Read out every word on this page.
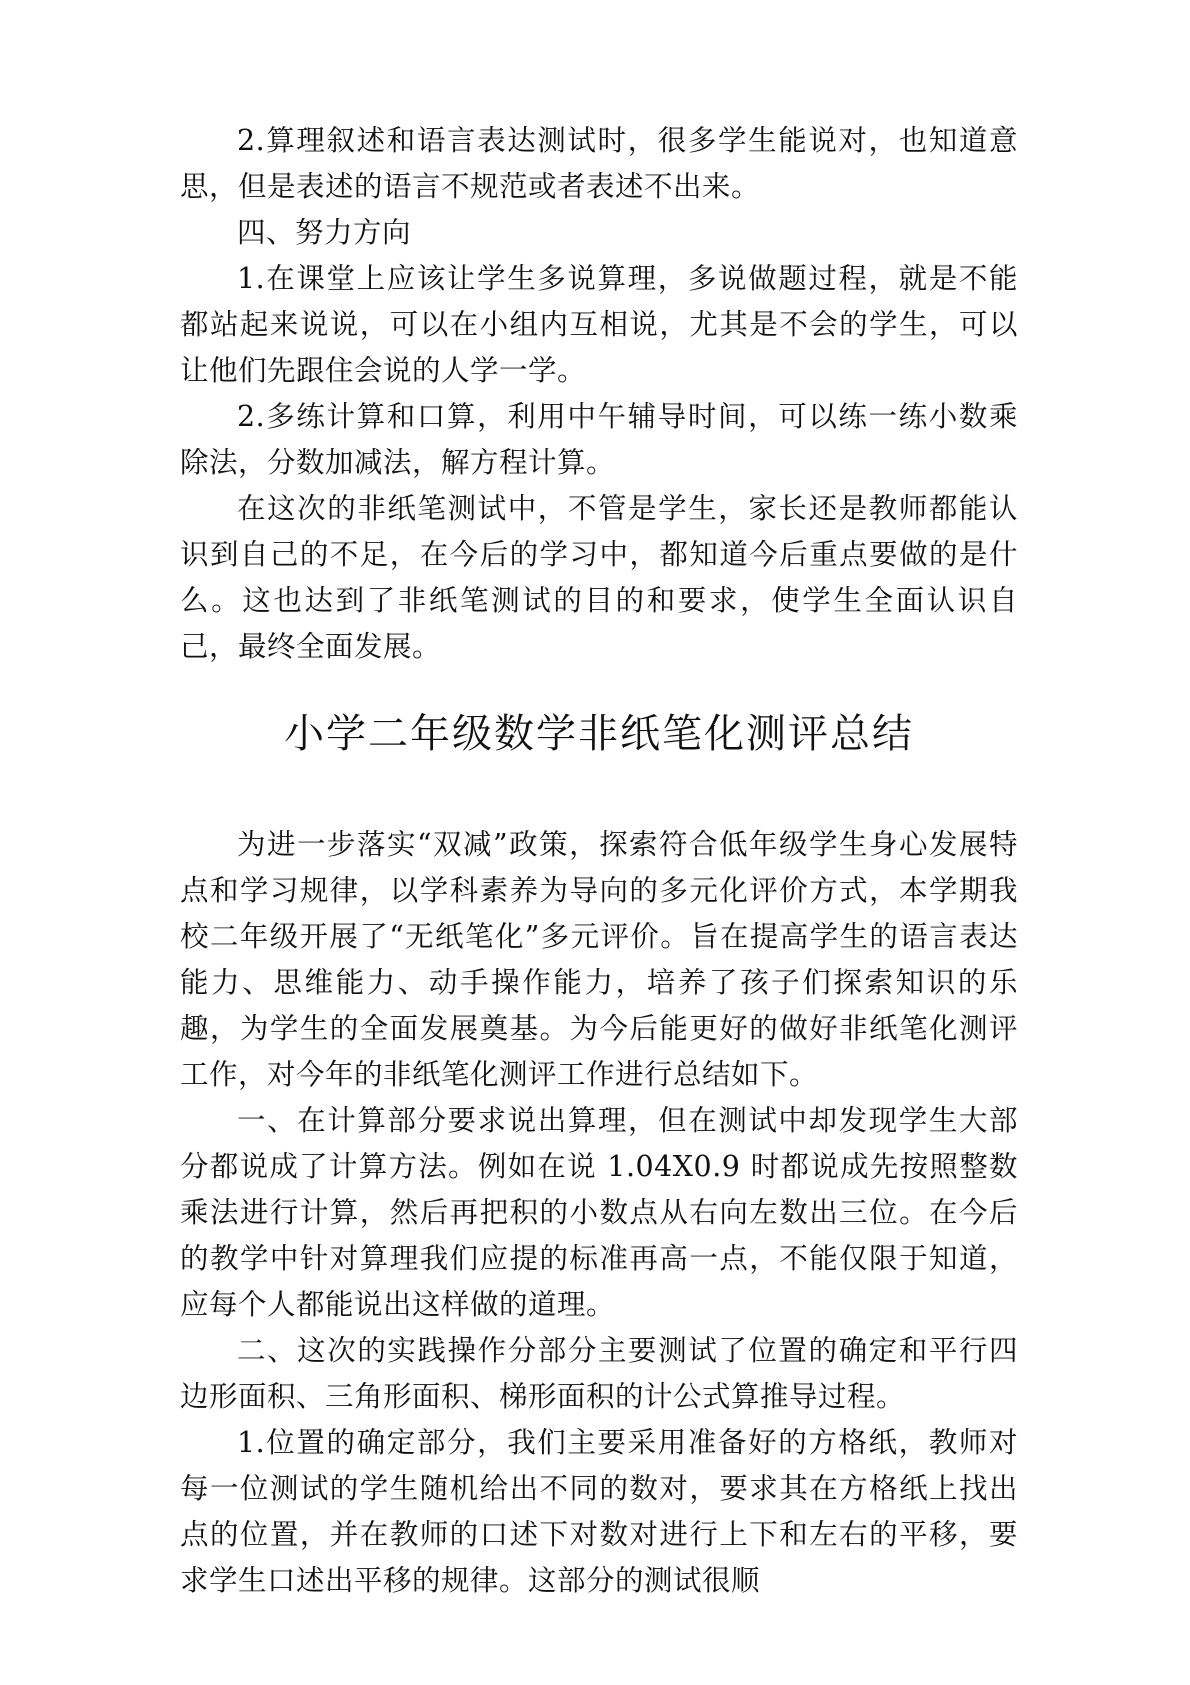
2.算理叙述和语言表达测试时，很多学生能说对，也知道意思，但是表述的语言不规范或者表述不出来。

四、努力方向

1.在课堂上应该让学生多说算理，多说做题过程，就是不能都站起来说说，可以在小组内互相说，尤其是不会的学生，可以让他们先跟住会说的人学一学。

2.多练计算和口算，利用中午辅导时间，可以练一练小数乘除法，分数加减法，解方程计算。

在这次的非纸笔测试中，不管是学生，家长还是教师都能认识到自己的不足，在今后的学习中，都知道今后重点要做的是什么。这也达到了非纸笔测试的目的和要求，使学生全面认识自己，最终全面发展。

小学二年级数学非纸笔化测评总结

为进一步落实“双减”政策，探索符合低年级学生身心发展特点和学习规律，以学科素养为导向的多元化评价方式，本学期我校二年级开展了“无纸笔化”多元评价。旨在提高学生的语言表达能力、思维能力、动手操作能力，培养了孩子们探索知识的乐趣，为学生的全面发展奠基。为今后能更好的做好非纸笔化测评工作，对今年的非纸笔化测评工作进行总结如下。

一、在计算部分要求说出算理，但在测试中却发现学生大部分都说成了计算方法。例如在说 1.04X0.9 时都说成先按照整数乘法进行计算，然后再把积的小数点从右向左数出三位。在今后的教学中针对算理我们应提的标准再高一点，不能仅限于知道，应每个人都能说出这样做的道理。

二、这次的实践操作分部分主要测试了位置的确定和平行四边形面积、三角形面积、梯形面积的计公式算推导过程。

1.位置的确定部分，我们主要采用准备好的方格纸，教师对每一位测试的学生随机给出不同的数对，要求其在方格纸上找出点的位置，并在教师的口述下对数对进行上下和左右的平移，要求学生口述出平移的规律。这部分的测试很顺
